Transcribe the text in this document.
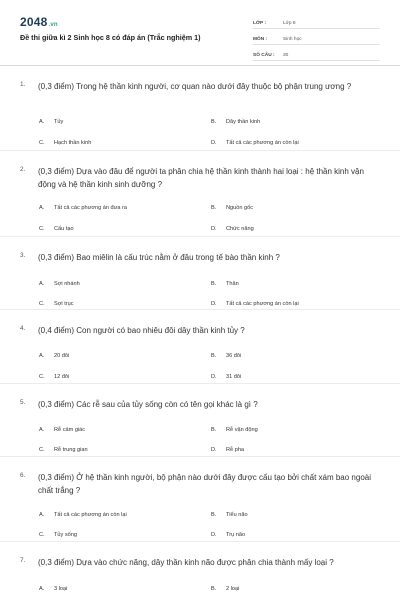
2048.vn
Đề thi giữa kì 2 Sinh học 8 có đáp án (Trắc nghiệm 1)
LỚP :	Lớp 8
MÔN :	Sinh học
SỐ CÂU :	30
1.	(0,3 điểm) Trong hệ thần kinh người, cơ quan nào dưới đây thuộc bộ phận trung ương ?
A.	Tủy	B.	Dây thần kinh
C.	Hạch thần kinh	D.	Tất cả các phương án còn lại
2.	(0,3 điểm) Dựa vào đâu để người ta phân chia hệ thần kinh thành hai loại : hệ thần kinh vận động và hệ thần kinh sinh dưỡng ?
A.	Tất cả các phương án đưa ra	B.	Nguồn gốc
C.	Cấu tạo	D.	Chức năng
3.	(0,3 điểm) Bao miêlin là cấu trúc nằm ở đâu trong tế bào thần kinh ?
A.	Sợi nhánh	B.	Thân
C.	Sợi trục	D.	Tất cả các phương án còn lại
4.	(0,4 điểm) Con người có bao nhiêu đôi dây thần kinh tủy ?
A.	20 đôi	B.	36 đôi
C.	12 đôi	D.	31 đôi
5.	(0,3 điểm) Các rễ sau của tủy sống còn có tên gọi khác là gì ?
A.	Rễ cảm giác	B.	Rễ vận động
C.	Rễ trung gian	D.	Rễ pha
6.	(0,3 điểm) Ở hệ thần kinh người, bộ phận nào dưới đây được cấu tạo bởi chất xám bao ngoài chất trắng ?
A.	Tất cả các phương án còn lại	B.	Tiểu não
C.	Tủy sống	D.	Trụ não
7.	(0,3 điểm) Dựa vào chức năng, dây thần kinh não được phân chia thành mấy loại ?
A.	3 loại	B.	2 loại
